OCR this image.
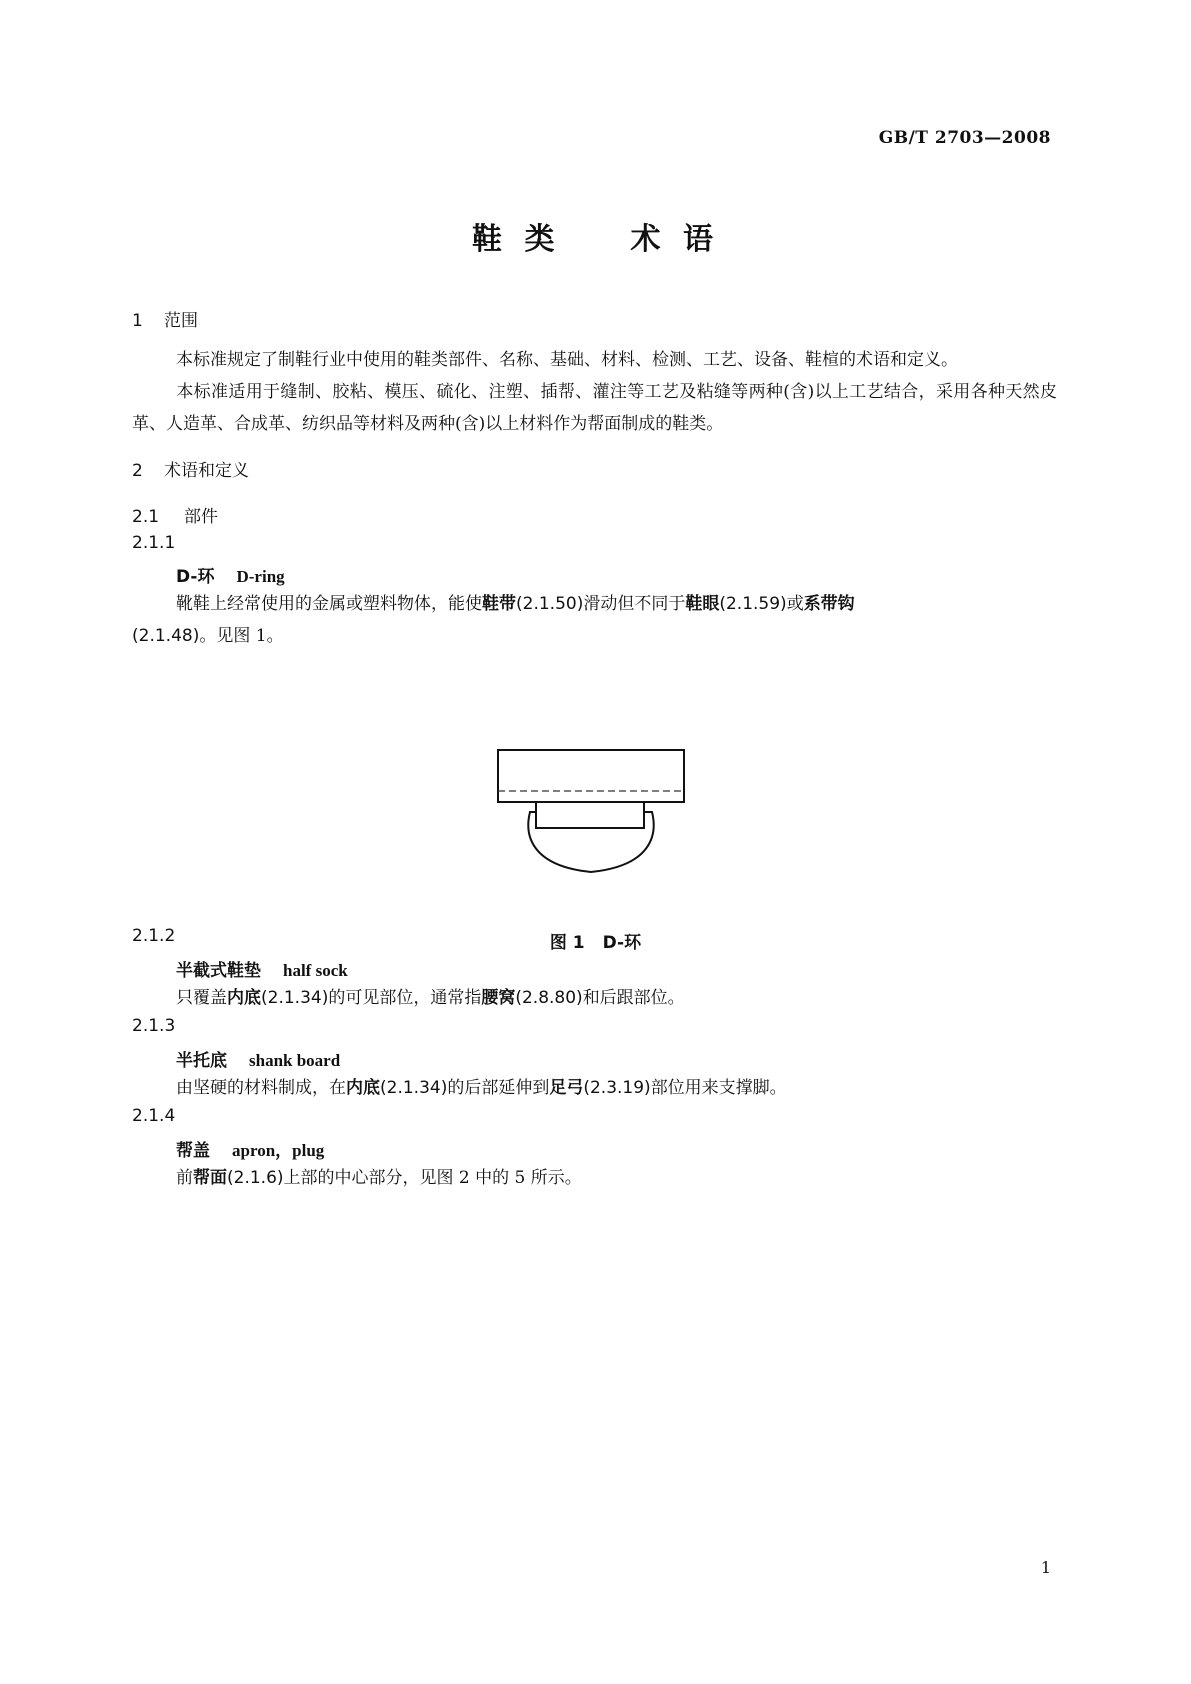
GB/T 2703—2008
鞋 类 术 语
1 范围
本标准规定了制鞋行业中使用的鞋类部件、名称、基础、材料、检测、工艺、设备、鞋楦的术语和定义。
本标准适用于缝制、胶粘、模压、硫化、注塑、插帮、灌注等工艺及粘缝等两种(含)以上工艺结合，采用各种天然皮革、人造革、合成革、纺织品等材料及两种(含)以上材料作为帮面制成的鞋类。
2 术语和定义
2.1 部件
2.1.1
D-环 D-ring
靴鞋上经常使用的金属或塑料物体，能使鞋带(2.1.50)滑动但不同于鞋眼(2.1.59)或系带钩
(2.1.48)。见图 1。
图 1 D-环
2.1.2
半截式鞋垫 half sock
只覆盖内底(2.1.34)的可见部位，通常指腰窝(2.8.80)和后跟部位。
2.1.3
半托底 shank board
由坚硬的材料制成，在内底(2.1.34)的后部延伸到足弓(2.3.19)部位用来支撑脚。
2.1.4
帮盖 apron，plug
前帮面(2.1.6)上部的中心部分，见图 2 中的 5 所示。
1
